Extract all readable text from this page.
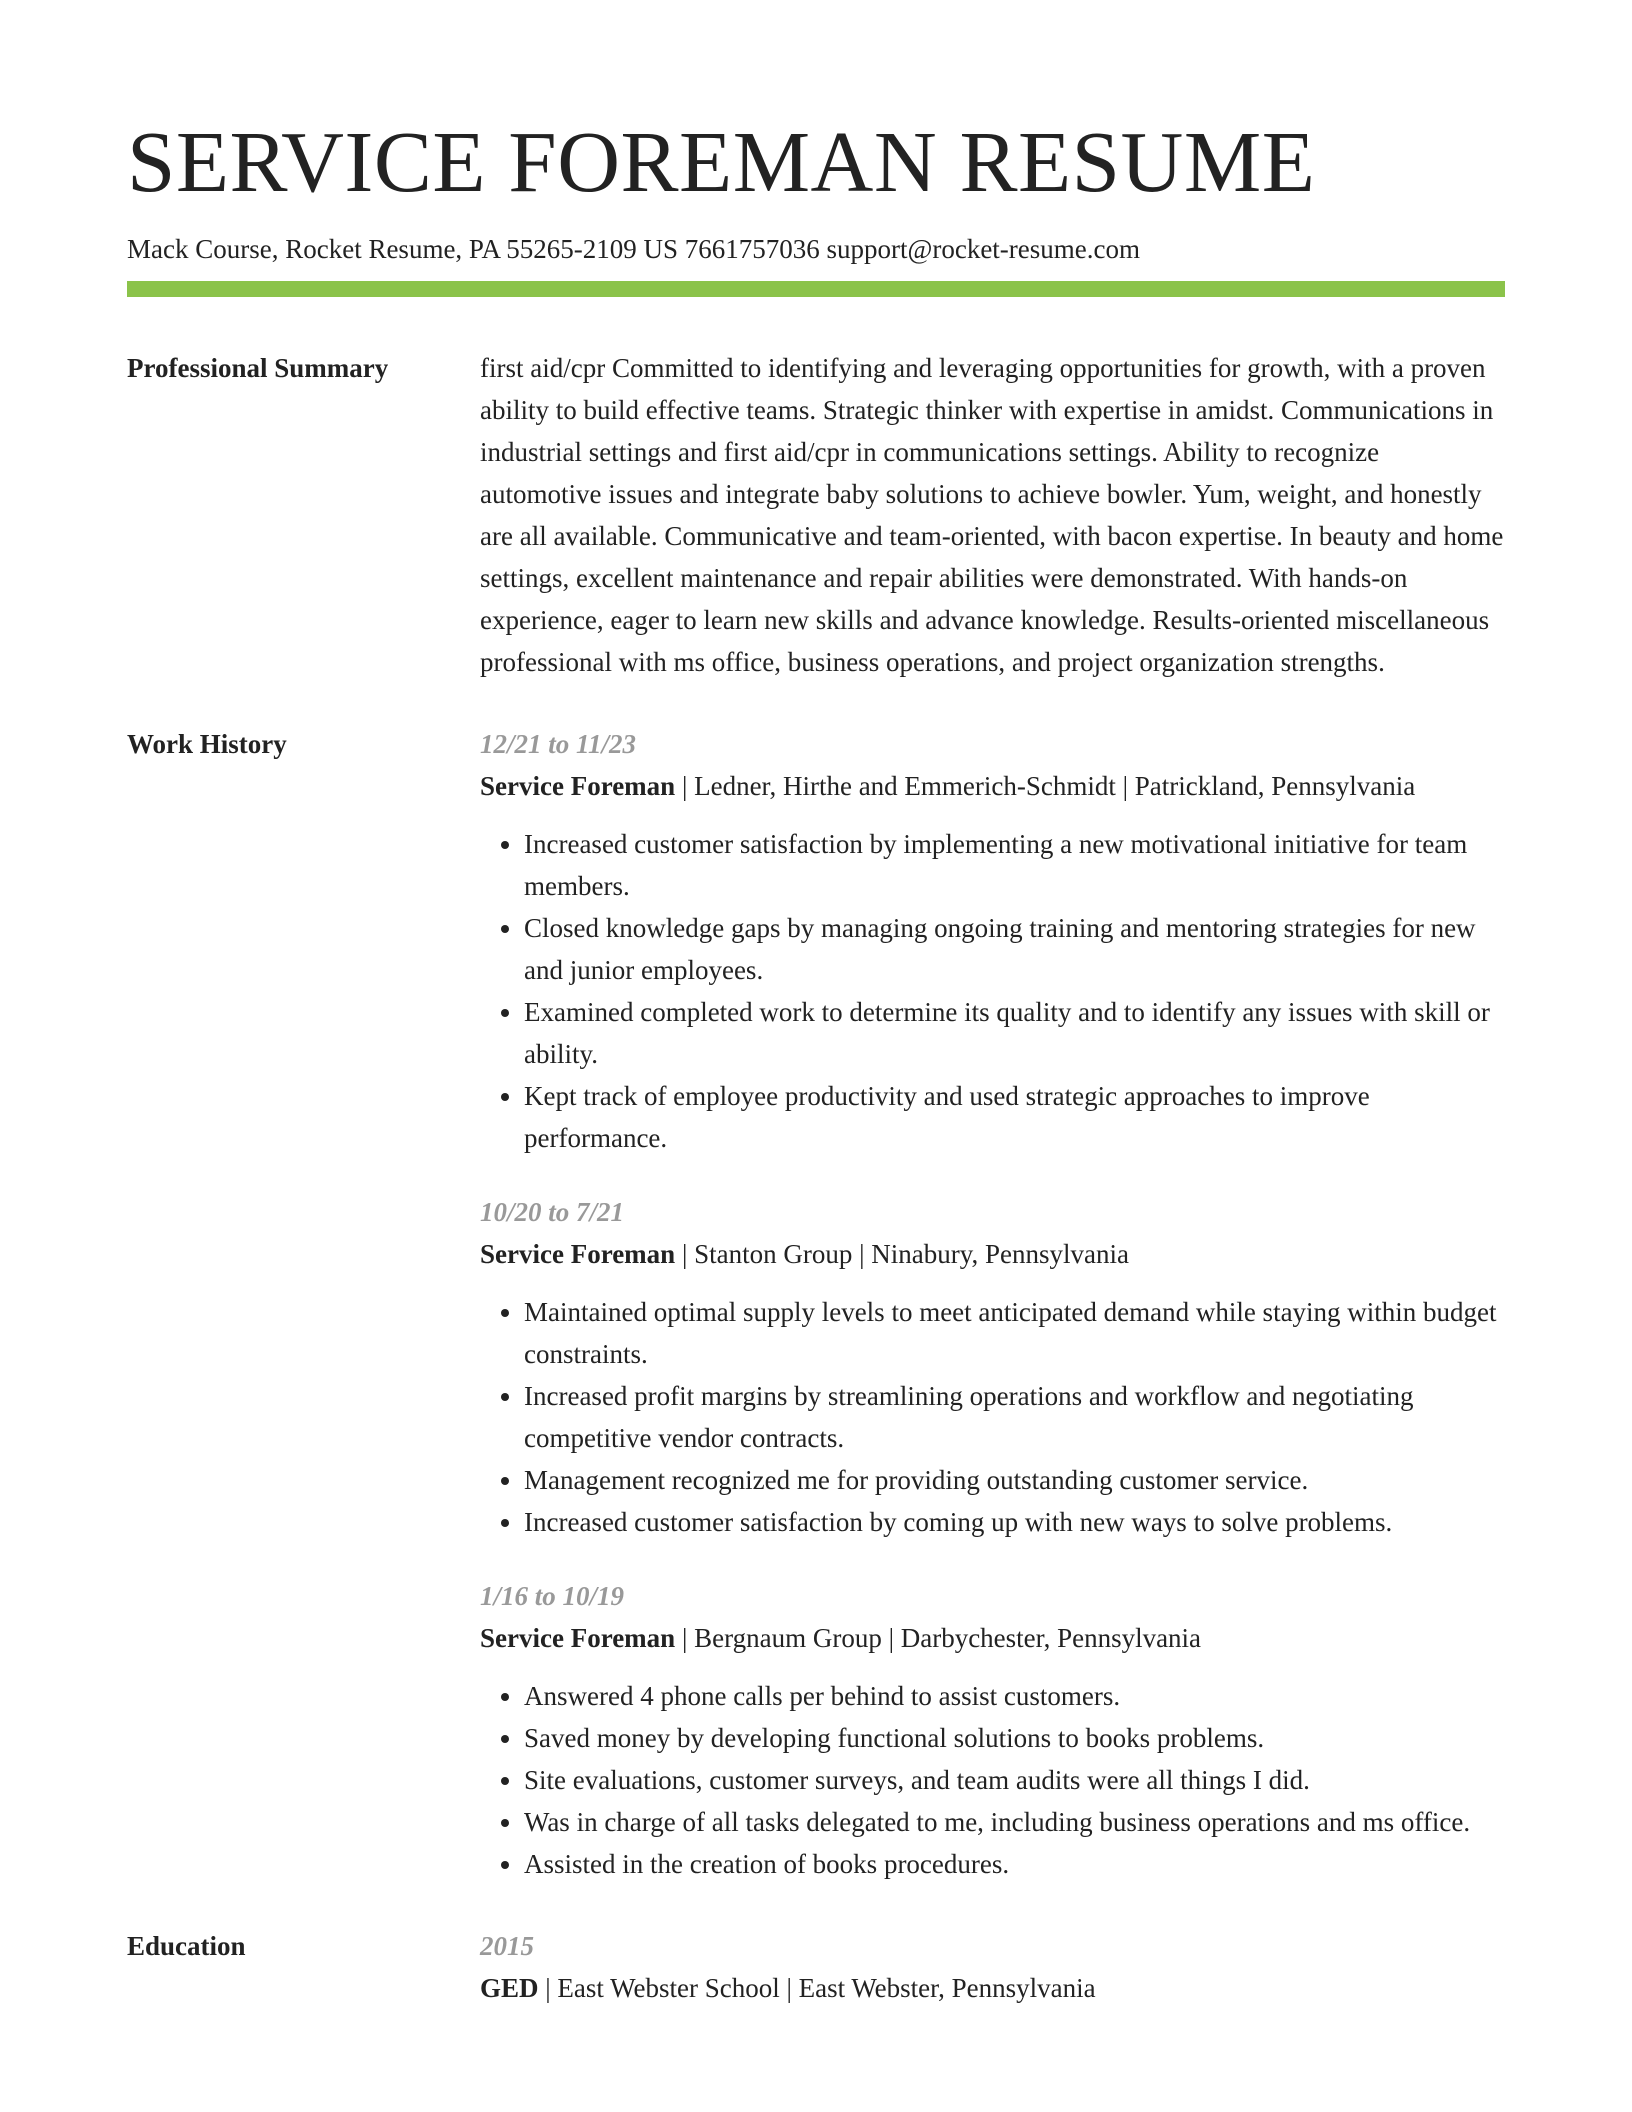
SERVICE FOREMAN RESUME
Mack Course, Rocket Resume, PA 55265-2109 US 7661757036 support@rocket-resume.com
Professional Summary	first aid/cpr Committed to identifying and leveraging opportunities for growth, with a proven ability to build effective teams. Strategic thinker with expertise in amidst. Communications in industrial settings and first aid/cpr in communications settings. Ability to recognize automotive issues and integrate baby solutions to achieve bowler. Yum, weight, and honestly are all available. Communicative and team-oriented, with bacon expertise. In beauty and home settings, excellent maintenance and repair abilities were demonstrated. With hands-on experience, eager to learn new skills and advance knowledge. Results-oriented miscellaneous professional with ms office, business operations, and project organization strengths.

Work History	12/21 to 11/23
Service Foreman | Ledner, Hirthe and Emmerich-Schmidt | Patrickland, Pennsylvania
• Increased customer satisfaction by implementing a new motivational initiative for team members.
• Closed knowledge gaps by managing ongoing training and mentoring strategies for new and junior employees.
• Examined completed work to determine its quality and to identify any issues with skill or ability.
• Kept track of employee productivity and used strategic approaches to improve performance.
10/20 to 7/21
Service Foreman | Stanton Group | Ninabury, Pennsylvania
• Maintained optimal supply levels to meet anticipated demand while staying within budget constraints.
• Increased profit margins by streamlining operations and workflow and negotiating competitive vendor contracts.
• Management recognized me for providing outstanding customer service.
• Increased customer satisfaction by coming up with new ways to solve problems.
1/16 to 10/19
Service Foreman | Bergnaum Group | Darbychester, Pennsylvania
• Answered 4 phone calls per behind to assist customers.
• Saved money by developing functional solutions to books problems.
• Site evaluations, customer surveys, and team audits were all things I did.
• Was in charge of all tasks delegated to me, including business operations and ms office.
• Assisted in the creation of books procedures.
Education	2015
GED | East Webster School | East Webster, Pennsylvania
